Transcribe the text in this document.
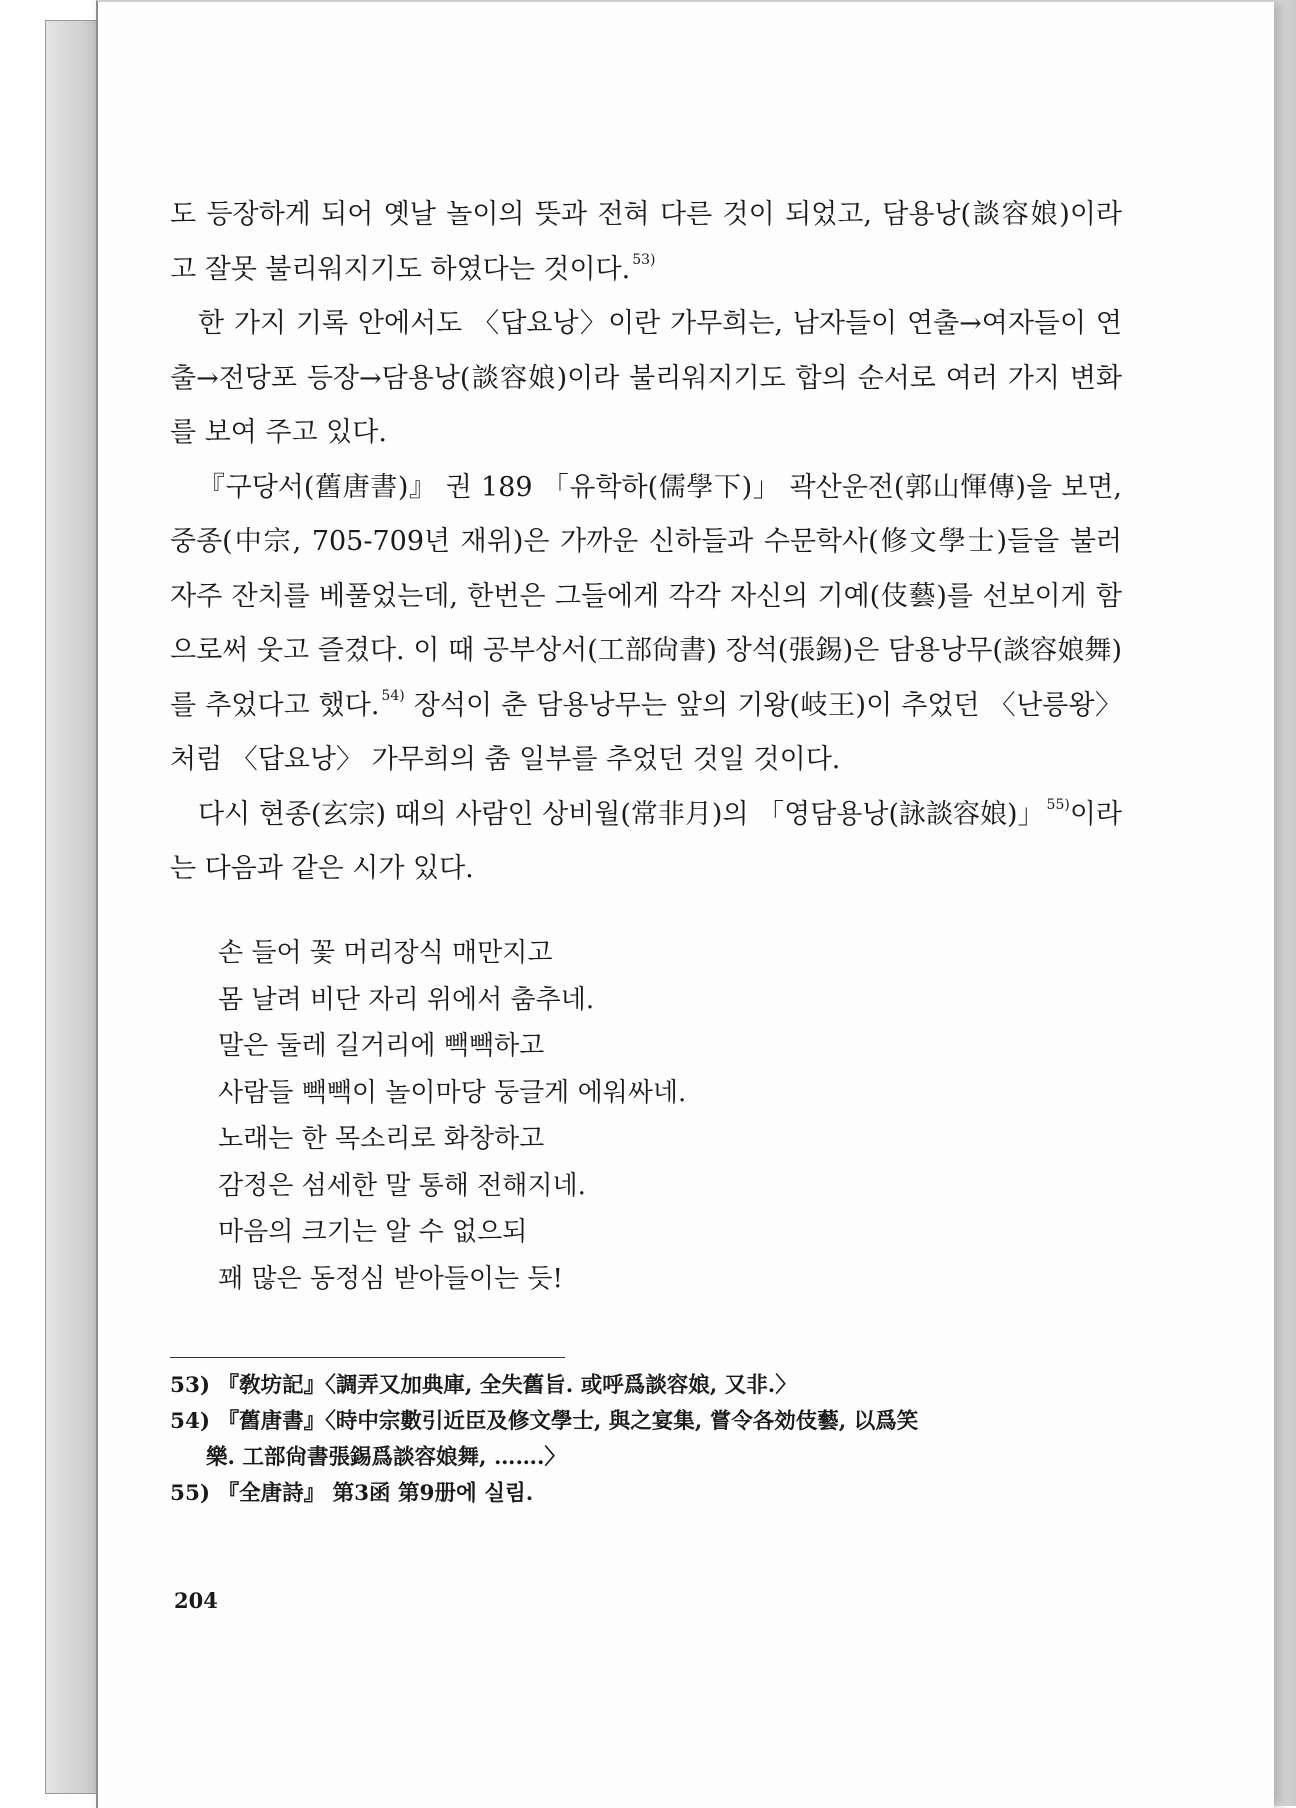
도 등장하게 되어 옛날 놀이의 뜻과 전혀 다른 것이 되었고, 담용낭(談容娘)이라고 잘못 불리워지기도 하였다는 것이다. $^{53)}$

한 가지 기록 안에서도 〈답요낭〉이란 가무희는, 남자들이 연출→여자들이 연출→전당포 등장→담용낭(談容娘)이라 불리워지기도 합의 순서로 여러 가지 변화를 보여 주고 있다.

『구당서(舊唐書)』 권 189 「유학하(儒學下)」 곽산운전(郭山惲傳)을 보면, 중종(中宗, 705-709년 재위)은 가까운 신하들과 수문학사(修文學士)들을 불러 자주 잔치를 베풀었는데, 한번은 그들에게 각각 자신의 기예(伎藝)를 선보이게 함으로써 웃고 즐겼다. 이 때 공부상서(工部尙書) 장석(張錫)은 담용낭무(談容娘舞)를 추었다고 했다. $^{54)}$ 장석이 춘 담용낭무는 앞의 기왕(岐王)이 추었던 〈난릉왕〉처럼 〈답요낭〉 가무희의 춤 일부를 추었던 것일 것이다.

다시 현종(玄宗) 때의 사람인 상비월(常非月)의 「영담용낭(詠談容娘)」 $^{55)}$이라는 다음과 같은 시가 있다.

손 들어 꽃 머리장식 매만지고
몸 날려 비단 자리 위에서 춤추네.
말은 둘레 길거리에 빽빽하고
사람들 빽빽이 놀이마당 둥글게 에워싸네.
노래는 한 목소리로 화창하고
감정은 섬세한 말 통해 전해지네.
마음의 크기는 알 수 없으되
꽤 많은 동정심 받아들이는 듯!
53) 『敎坊記』〈調弄又加典庫, 全失舊旨. 或呼爲談容娘, 又非.〉
54) 『舊唐書』〈時中宗數引近臣及修文學士, 與之宴集, 嘗令各効伎藝, 以爲笑
樂. 工部尙書張錫爲談容娘舞, …….〉
55) 『全唐詩』 第3函 第9册에 실림.
204
